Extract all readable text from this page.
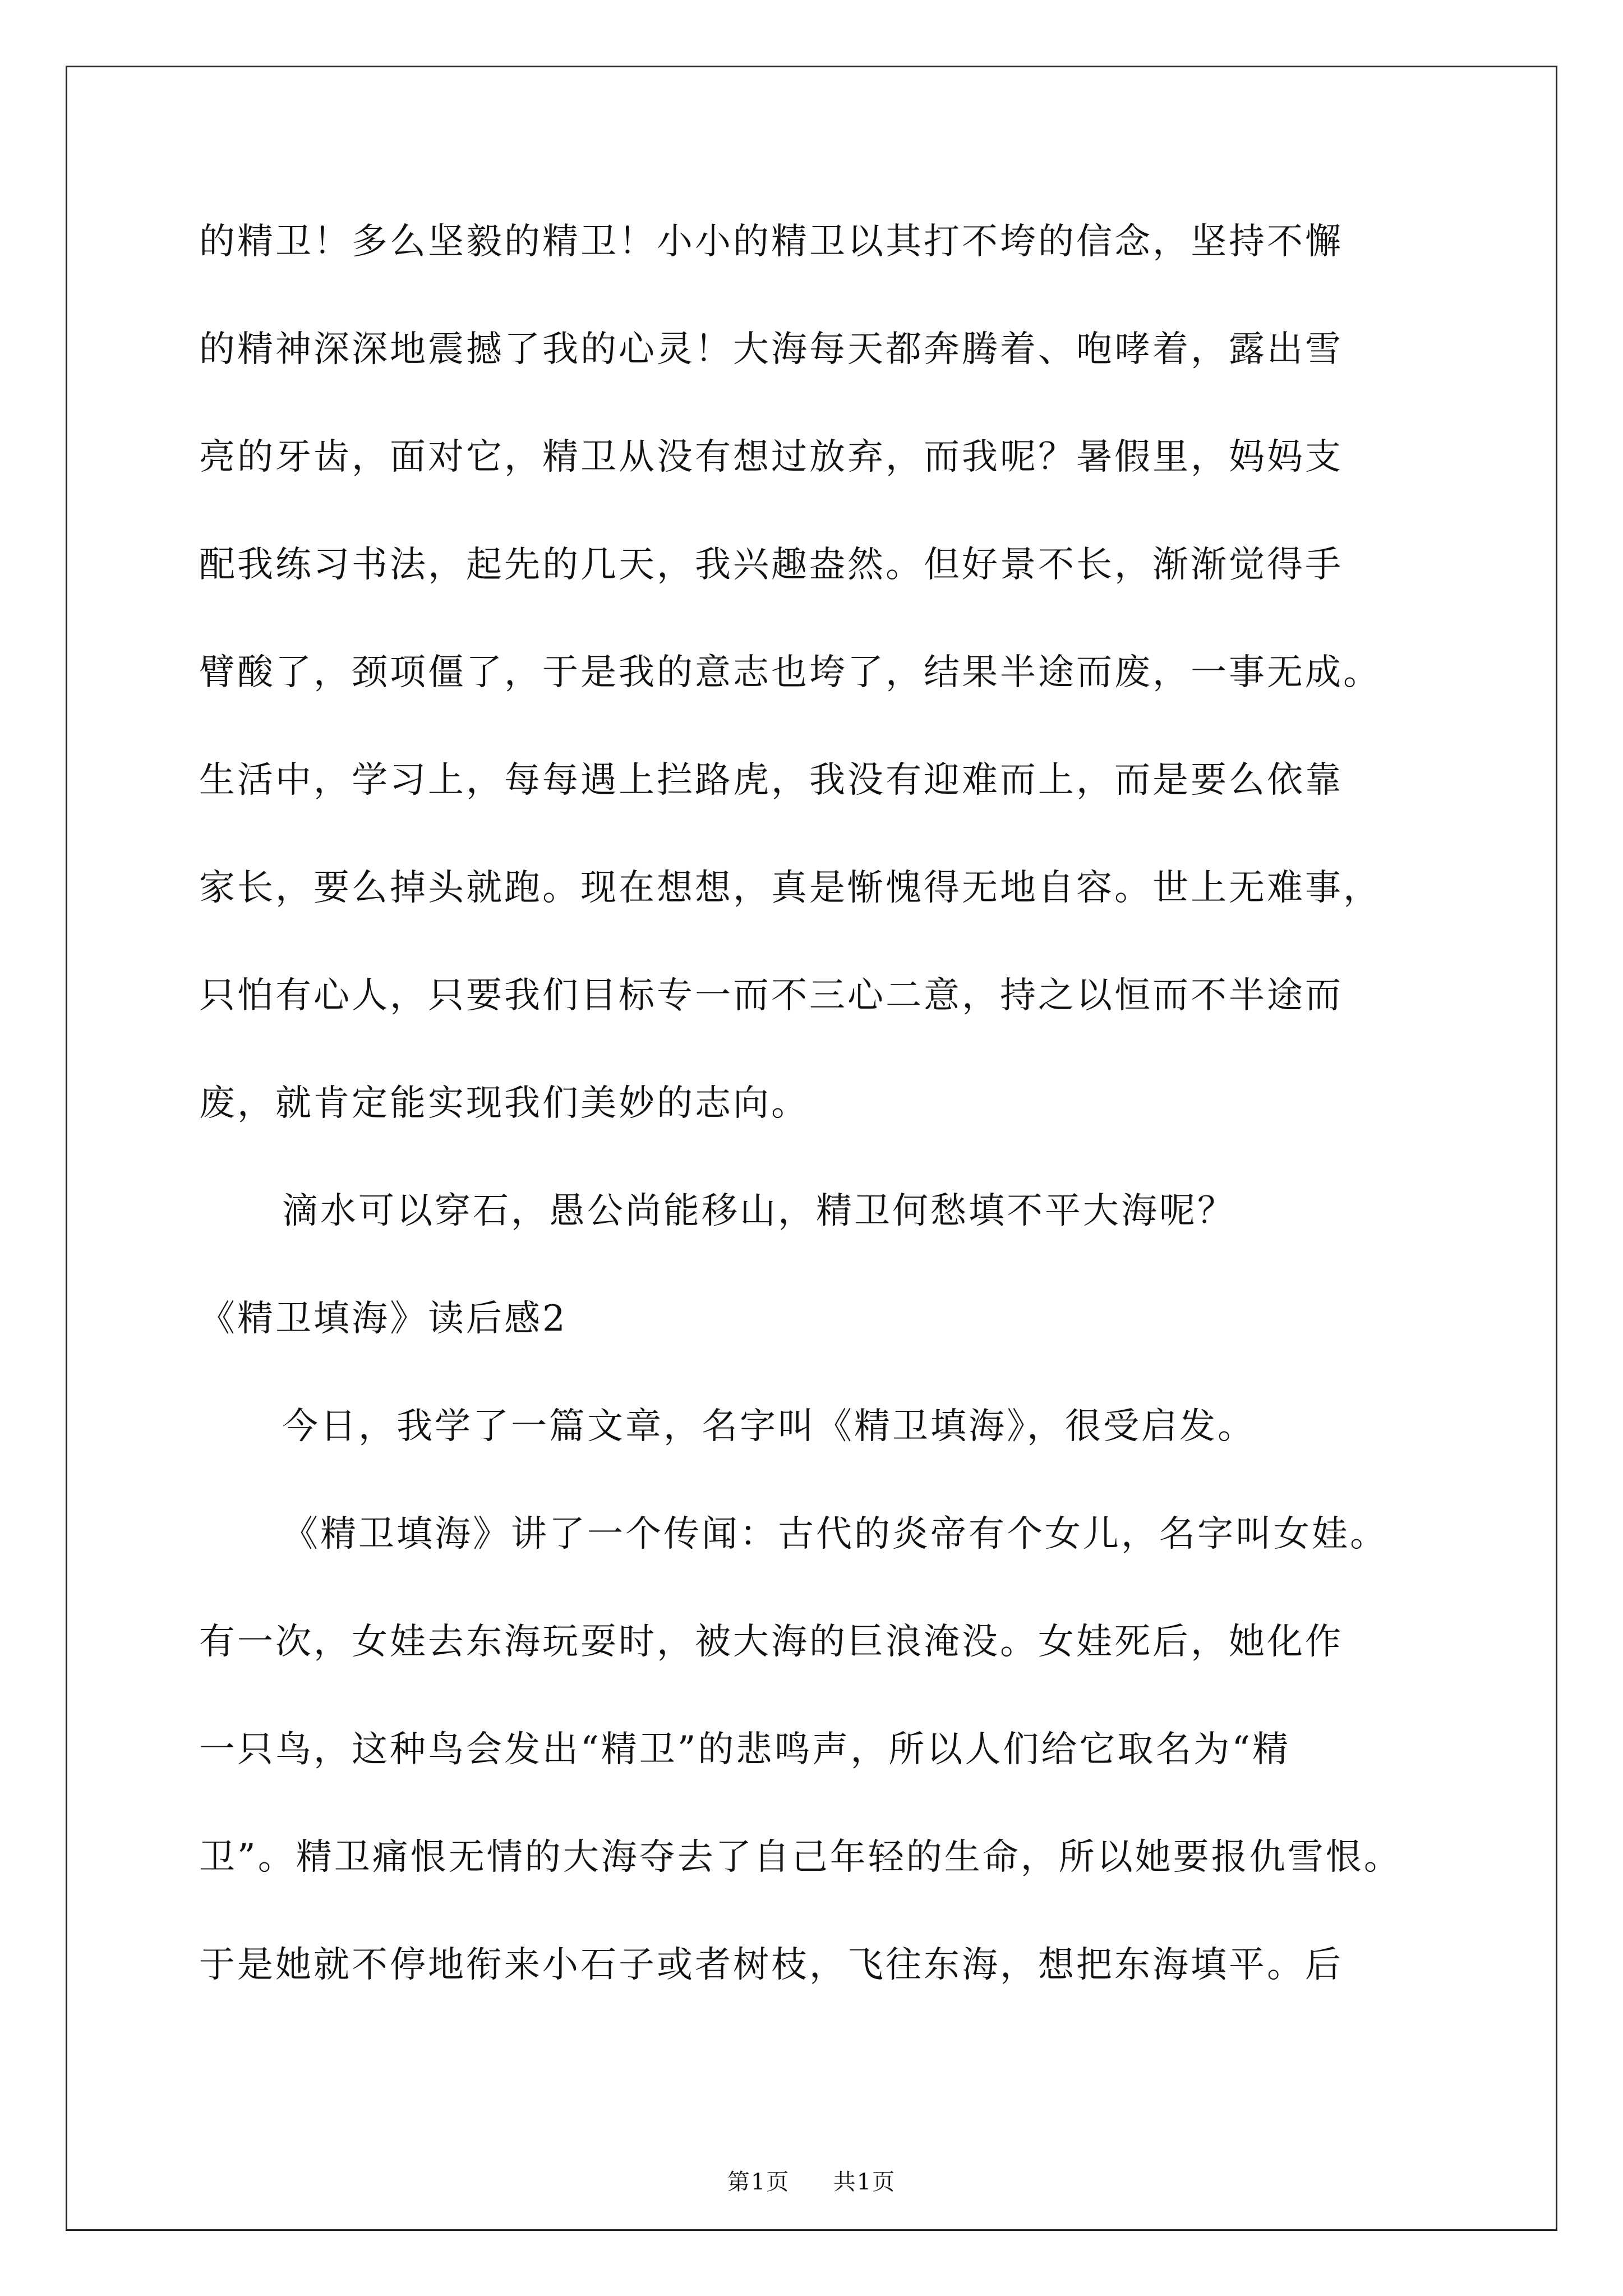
的精卫！多么坚毅的精卫！小小的精卫以其打不垮的信念，坚持不懈
的精神深深地震撼了我的心灵！大海每天都奔腾着、咆哮着，露出雪
亮的牙齿，面对它，精卫从没有想过放弃，而我呢？暑假里，妈妈支
配我练习书法，起先的几天，我兴趣盎然。但好景不长，渐渐觉得手
臂酸了，颈项僵了，于是我的意志也垮了，结果半途而废，一事无成。
生活中，学习上，每每遇上拦路虎，我没有迎难而上，而是要么依靠
家长，要么掉头就跑。现在想想，真是惭愧得无地自容。世上无难事，
只怕有心人，只要我们目标专一而不三心二意，持之以恒而不半途而
废，就肯定能实现我们美妙的志向。
滴水可以穿石，愚公尚能移山，精卫何愁填不平大海呢？
《精卫填海》读后感2
今日，我学了一篇文章，名字叫《精卫填海》，很受启发。
《精卫填海》讲了一个传闻：古代的炎帝有个女儿，名字叫女娃。
有一次，女娃去东海玩耍时，被大海的巨浪淹没。女娃死后，她化作
一只鸟，这种鸟会发出“精卫”的悲鸣声，所以人们给它取名为“精
卫”。精卫痛恨无情的大海夺去了自己年轻的生命，所以她要报仇雪恨。
于是她就不停地衔来小石子或者树枝，飞往东海，想把东海填平。后
第1页 共1页
